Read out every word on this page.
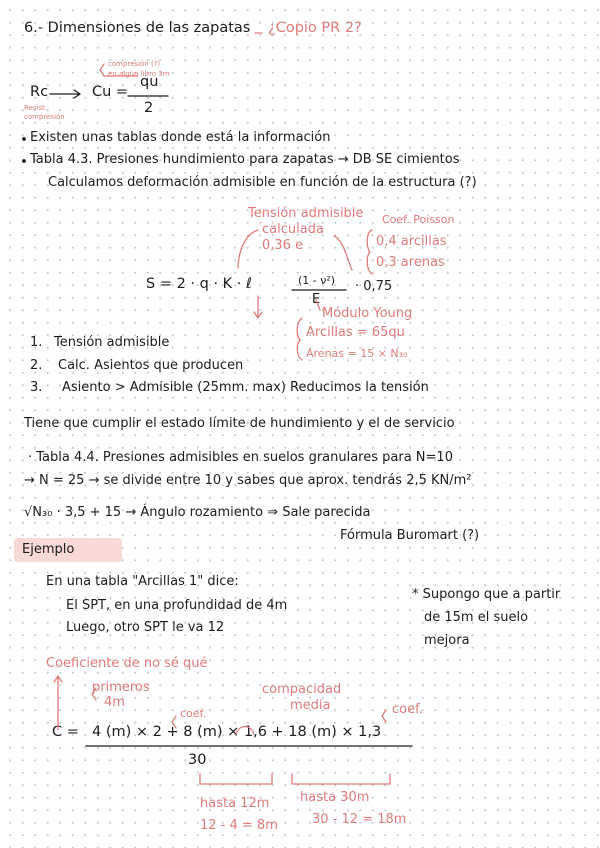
6.- Dimensiones de las zapatas ¿Copio PR 2?
compresión (?)
en algún libro 3m
Rc	Cu =
qu
2
Resist.
compresión
Existen unas tablas donde está la información
Tabla 4.3. Presiones hundimiento para zapatas → DB SE cimientos
Calculamos deformación admisible en función de la estructura (?)
Tensión admisible
calculada
0,36 e
Coef. Poisson
0,4 arcillas
0,3 arenas
S = 2 · q · K · ℓ	(1 - ν²)
E
· 0,75
Módulo Young
Arcillas = 65qu
Arenas = 15 × N₃₀
1. Tensión admisible
2. Calc. Asientos que producen
3. Asiento > Admisible (25mm. max) Reducimos la tensión
Tiene que cumplir el estado límite de hundimiento y el de servicio
· Tabla 4.4. Presiones admisibles en suelos granulares para N=10
→ N = 25 → se divide entre 10 y sabes que aprox. tendrás 2,5 KN/m²
√N₃₀ · 3,5 + 15 → Ángulo rozamiento ⇒ Sale parecida
Fórmula Buromart (?)
Ejemplo
En una tabla "Arcillas 1" dice:
El SPT, en una profundidad de 4m
Luego, otro SPT le va 12
* Supongo que a partir
de 15m el suelo
mejora
Coeficiente de no sé qué
primeros
4m
coef.
compacidad
media	coef.
C = 4 (m) × 2 + 8 (m) × 1,6 + 18 (m) × 1,3
30
hasta 12m
12 - 4 = 8m
hasta 30m
30 - 12 = 18m
